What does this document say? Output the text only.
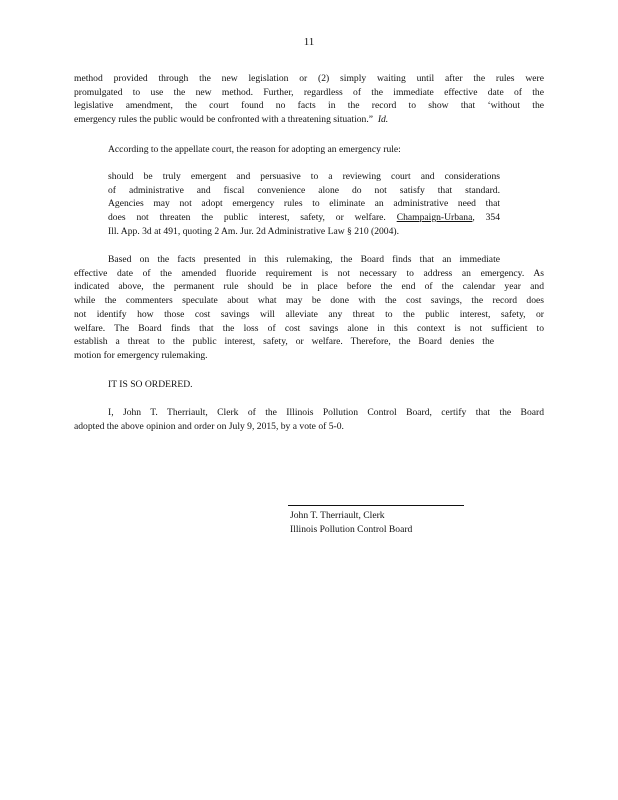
11
method provided through the new legislation or (2) simply waiting until after the rules were
promulgated to use the new method. Further, regardless of the immediate effective date of the
legislative amendment, the court found no facts in the record to show that ‘without the
emergency rules the public would be confronted with a threatening situation.” Id.
According to the appellate court, the reason for adopting an emergency rule:
should be truly emergent and persuasive to a reviewing court and considerations
of administrative and fiscal convenience alone do not satisfy that standard.
Agencies may not adopt emergency rules to eliminate an administrative need that
does not threaten the public interest, safety, or welfare. Champaign-Urbana, 354
Ill. App. 3d at 491, quoting 2 Am. Jur. 2d Administrative Law § 210 (2004).
Based on the facts presented in this rulemaking, the Board finds that an immediate
effective date of the amended fluoride requirement is not necessary to address an emergency. As
indicated above, the permanent rule should be in place before the end of the calendar year and
while the commenters speculate about what may be done with the cost savings, the record does
not identify how those cost savings will alleviate any threat to the public interest, safety, or
welfare. The Board finds that the loss of cost savings alone in this context is not sufficient to
establish a threat to the public interest, safety, or welfare. Therefore, the Board denies the
motion for emergency rulemaking.
IT IS SO ORDERED.
I, John T. Therriault, Clerk of the Illinois Pollution Control Board, certify that the Board
adopted the above opinion and order on July 9, 2015, by a vote of 5-0.
John T. Therriault, Clerk
Illinois Pollution Control Board
